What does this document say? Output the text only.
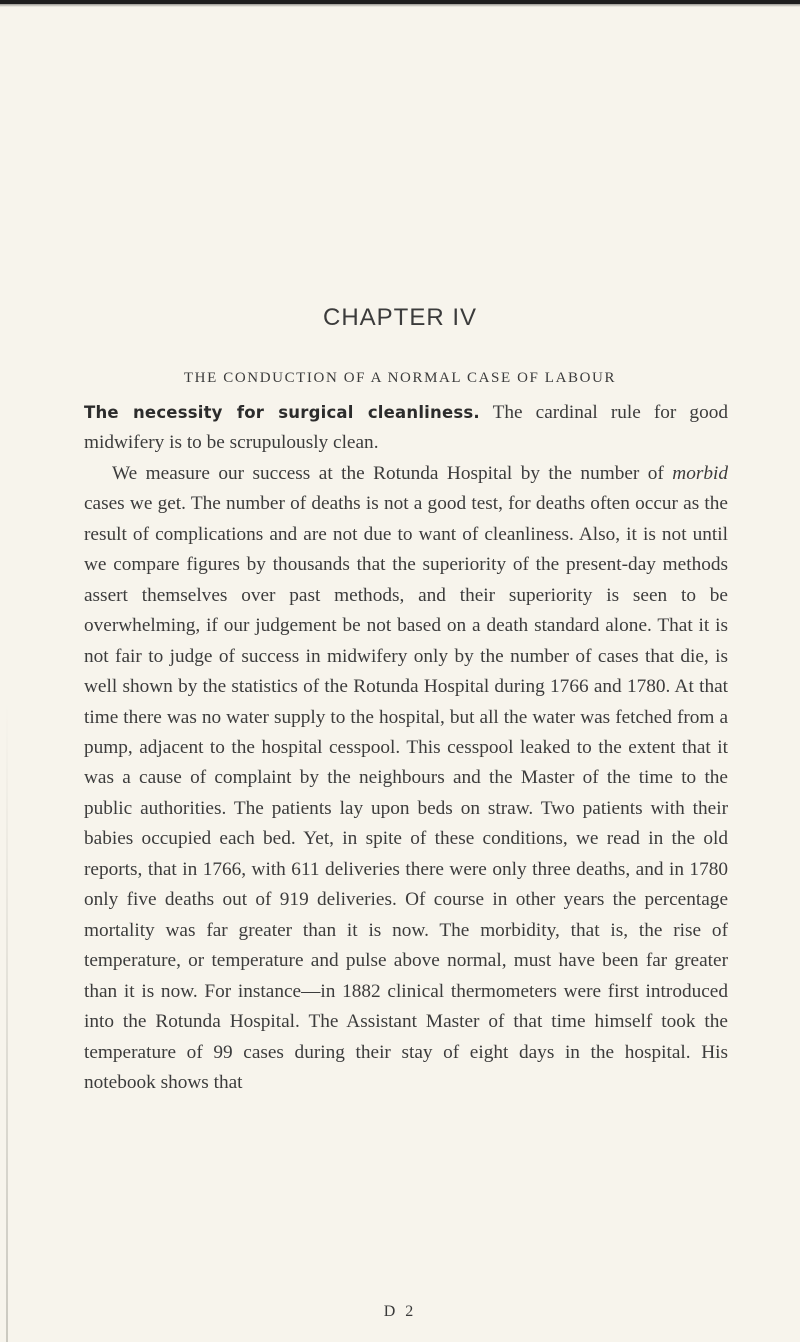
CHAPTER IV
THE CONDUCTION OF A NORMAL CASE OF LABOUR

The necessity for surgical cleanliness. The cardinal rule for good midwifery is to be scrupulously clean.

We measure our success at the Rotunda Hospital by the number of morbid cases we get. The number of deaths is not a good test, for deaths often occur as the result of complications and are not due to want of cleanliness. Also, it is not until we compare figures by thousands that the superiority of the present-day methods assert themselves over past methods, and their superiority is seen to be overwhelming, if our judgement be not based on a death standard alone. That it is not fair to judge of success in midwifery only by the number of cases that die, is well shown by the statistics of the Rotunda Hospital during 1766 and 1780. At that time there was no water supply to the hospital, but all the water was fetched from a pump, adjacent to the hospital cesspool. This cesspool leaked to the extent that it was a cause of complaint by the neighbours and the Master of the time to the public authorities. The patients lay upon beds on straw. Two patients with their babies occupied each bed. Yet, in spite of these conditions, we read in the old reports, that in 1766, with 611 deliveries there were only three deaths, and in 1780 only five deaths out of 919 deliveries. Of course in other years the percentage mortality was far greater than it is now. The morbidity, that is, the rise of temperature, or temperature and pulse above normal, must have been far greater than it is now. For instance—in 1882 clinical thermometers were first introduced into the Rotunda Hospital. The Assistant Master of that time himself took the temperature of 99 cases during their stay of eight days in the hospital. His notebook shows that

D 2
